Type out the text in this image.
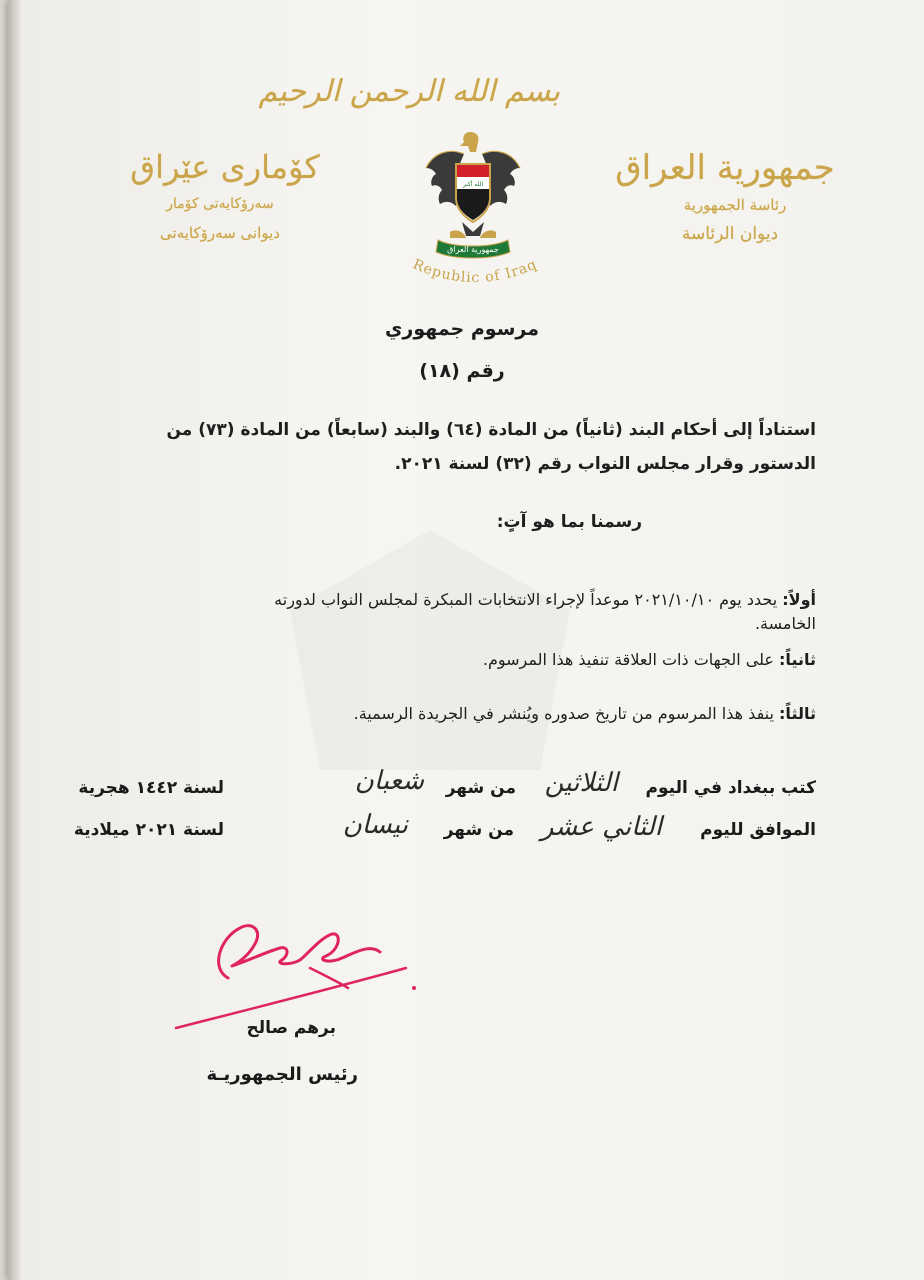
بسم الله الرحمن الرحيم
جمهورية العراق
رئاسة الجمهورية
ديوان الرئاسة
كۆماری عێراق
سەرۆكایەتی كۆمار
دیوانی سەرۆكایەتی
الله أكبر
جمهورية العراق
Republic of Iraq
مرسوم جمهوري
رقم (١٨)
استناداً إلى أحكام البند (ثانياً) من المادة (٦٤) والبند (سابعاً) من المادة (٧٣) من
الدستور وقرار مجلس النواب رقم (٣٢) لسنة ٢٠٢١.
رسمنا بما هو آتٍ:
أولاً: يحدد يوم ٢٠٢١/١٠/١٠ موعداً لإجراء الانتخابات المبكرة لمجلس النواب لدورته
الخامسة.
ثانياً: على الجهات ذات العلاقة تنفيذ هذا المرسوم.
ثالثاً: ينفذ هذا المرسوم من تاريخ صدوره ويُنشر في الجريدة الرسمية.
كتب ببغداد في اليوم
الثلاثين
من شهر
شعبان
لسنة ١٤٤٢ هجرية
الموافق لليوم
الثاني عشر
من شهر
نيسان
لسنة ٢٠٢١ ميلادية
برهم صالح
رئيس الجمهوريـة
